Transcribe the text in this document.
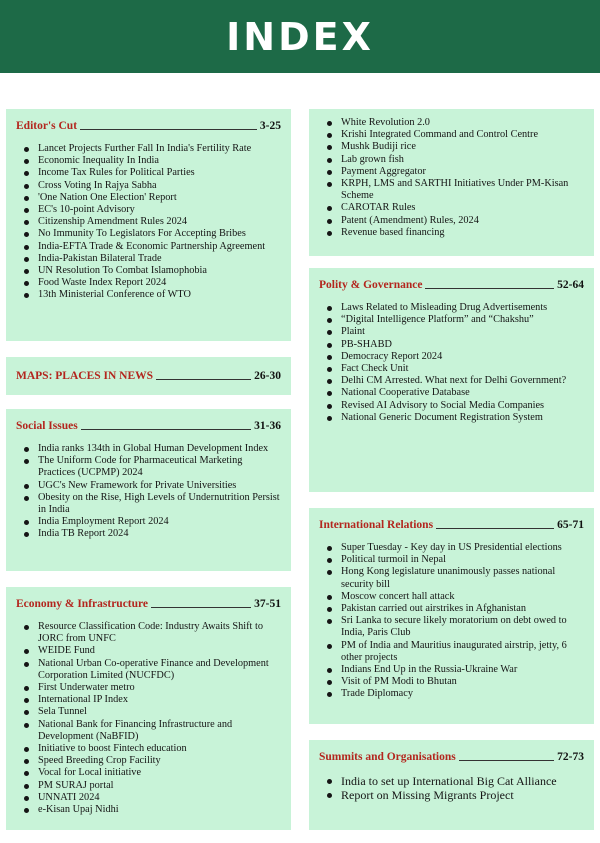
INDEX
Editor's Cut	3-25
Lancet Projects Further Fall In India's Fertility Rate
Economic Inequality In India
Income Tax Rules for Political Parties
Cross Voting In Rajya Sabha
'One Nation One Election' Report
EC's 10-point Advisory
Citizenship Amendment Rules 2024
No Immunity To Legislators For Accepting Bribes
India-EFTA Trade & Economic Partnership Agreement
India-Pakistan Bilateral Trade
UN Resolution To Combat Islamophobia
Food Waste Index Report 2024
13th Ministerial Conference of WTO
MAPS: PLACES IN NEWS	26-30
Social Issues	31-36
India ranks 134th in Global Human Development Index
The Uniform Code for Pharmaceutical Marketing Practices (UCPMP) 2024
UGC's New Framework for Private Universities
Obesity on the Rise, High Levels of Undernutrition Persist in India
India Employment Report 2024
India TB Report 2024
Economy & Infrastructure	37-51
Resource Classification Code: Industry Awaits Shift to JORC from UNFC
WEIDE Fund
National Urban Co-operative Finance and Development Corporation Limited (NUCFDC)
First Underwater metro
International IP Index
Sela Tunnel
National Bank for Financing Infrastructure and Development (NaBFID)
Initiative to boost Fintech education
Speed Breeding Crop Facility
Vocal for Local initiative
PM SURAJ portal
UNNATI 2024
e-Kisan Upaj Nidhi
White Revolution 2.0
Krishi Integrated Command and Control Centre
Mushk Budiji rice
Lab grown fish
Payment Aggregator
KRPH, LMS and SARTHI Initiatives Under PM-Kisan Scheme
CAROTAR Rules
Patent (Amendment) Rules, 2024
Revenue based financing
Polity & Governance	52-64
Laws Related to Misleading Drug Advertisements
“Digital Intelligence Platform” and “Chakshu”
Plaint
PB-SHABD
Democracy Report 2024
Fact Check Unit
Delhi CM Arrested. What next for Delhi Government?
National Cooperative Database
Revised AI Advisory to Social Media Companies
National Generic Document Registration System
International Relations	65-71
Super Tuesday - Key day in US Presidential elections
Political turmoil in Nepal
Hong Kong legislature unanimously passes national security bill
Moscow concert hall attack
Pakistan carried out airstrikes in Afghanistan
Sri Lanka to secure likely moratorium on debt owed to India, Paris Club
PM of India and Mauritius inaugurated airstrip, jetty, 6 other projects
Indians End Up in the Russia-Ukraine War
Visit of PM Modi to Bhutan
Trade Diplomacy
Summits and Organisations	72-73
India to set up International Big Cat Alliance
Report on Missing Migrants Project
